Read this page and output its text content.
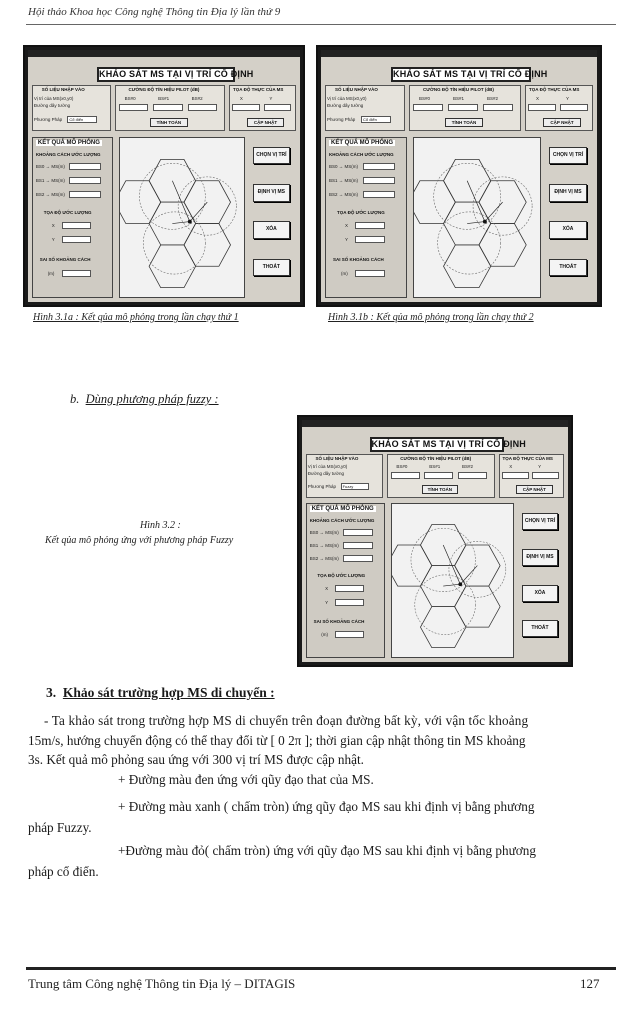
Hội thảo Khoa học Công nghệ Thông tin Địa lý lần thứ 9
KHẢO SÁT MS TẠI VỊ TRÍ CỐ ĐỊNH
SỐ LIỆU NHẬP VÀO
Vị trí của MS(x0,y0)
Đường dây tường
Phương Pháp	Cổ điển
CƯỜNG ĐỘ TÍN HIỆU PILOT (dB)
BS#0	BS#1	BS#2
TÍNH TOÁN
TỌA ĐỘ THỰC CỦA MS
X	Y
CẬP NHẬT
KẾT QUẢ MÔ PHỎNG
KHOẢNG CÁCH ƯỚC LƯỢNG
BS0 → MS(m)
BS1 → MS(m)
BS2 → MS(m)
TỌA ĐỘ ƯỚC LƯỢNG
X
Y
SAI SỐ KHOẢNG CÁCH
(m)
CHỌN VỊ TRÍ
ĐỊNH VỊ MS
XÓA
THOÁT
KHẢO SÁT MS TẠI VỊ TRÍ CỐ ĐỊNH
SỐ LIỆU NHẬP VÀO
Vị trí của MS(x0,y0)
Đường dây tường
Phương Pháp	Cổ điển
CƯỜNG ĐỘ TÍN HIỆU PILOT (dB)
BS#0	BS#1	BS#2
TÍNH TOÁN
TỌA ĐỘ THỰC CỦA MS
X	Y
CẬP NHẬT
KẾT QUẢ MÔ PHỎNG
KHOẢNG CÁCH ƯỚC LƯỢNG
BS0 → MS(m)
BS1 → MS(m)
BS2 → MS(m)
TỌA ĐỘ ƯỚC LƯỢNG
X
Y
SAI SỐ KHOẢNG CÁCH
(m)
CHỌN VỊ TRÍ
ĐỊNH VỊ MS
XÓA
THOÁT
KHẢO SÁT MS TẠI VỊ TRÍ CỐ ĐỊNH
SỐ LIỆU NHẬP VÀO
Vị trí của MS(x0,y0)
Đường dây tường
Phương Pháp	Fuzzy
CƯỜNG ĐỘ TÍN HIỆU PILOT (dB)
BS#0	BS#1	BS#2
TÍNH TOÁN
TỌA ĐỘ THỰC CỦA MS
X	Y
CẬP NHẬT
KẾT QUẢ MÔ PHỎNG
KHOẢNG CÁCH ƯỚC LƯỢNG
BS0 → MS(m)
BS1 → MS(m)
BS2 → MS(m)
TỌA ĐỘ ƯỚC LƯỢNG
X
Y
SAI SỐ KHOẢNG CÁCH
(m)
CHỌN VỊ TRÍ
ĐỊNH VỊ MS
XÓA
THOÁT
Hình 3.1a : Kết qủa mô phỏng trong lần chạy thứ 1	Hình 3.1b : Kết qủa mô phỏng trong lần chạy thứ 2
b. Dùng phương pháp fuzzy :
Hình 3.2 :
Kết qủa mô phỏng ứng với phương pháp Fuzzy
3. Khảo sát trường hợp MS di chuyển :
- Ta khảo sát trong trường hợp MS di chuyển trên đoạn đường bất kỳ, với vận tốc khoảng
15m/s, hướng chuyển động có thể thay đổi từ [ 0 2π ]; thời gian cập nhật thông tin MS khoảng
3s. Kết quả mô phỏng sau ứng với 300 vị trí MS được cập nhật.
+ Đường màu đen ứng với qũy đạo that của MS.
+ Đường màu xanh ( chấm tròn) ứng qũy đạo MS sau khi định vị bằng phương
pháp Fuzzy.
+Đường màu đỏ( chấm tròn) ứng với qũy đạo MS sau khi định vị bằng phương
pháp cổ điển.
Trung tâm Công nghệ Thông tin Địa lý – DITAGIS	127
